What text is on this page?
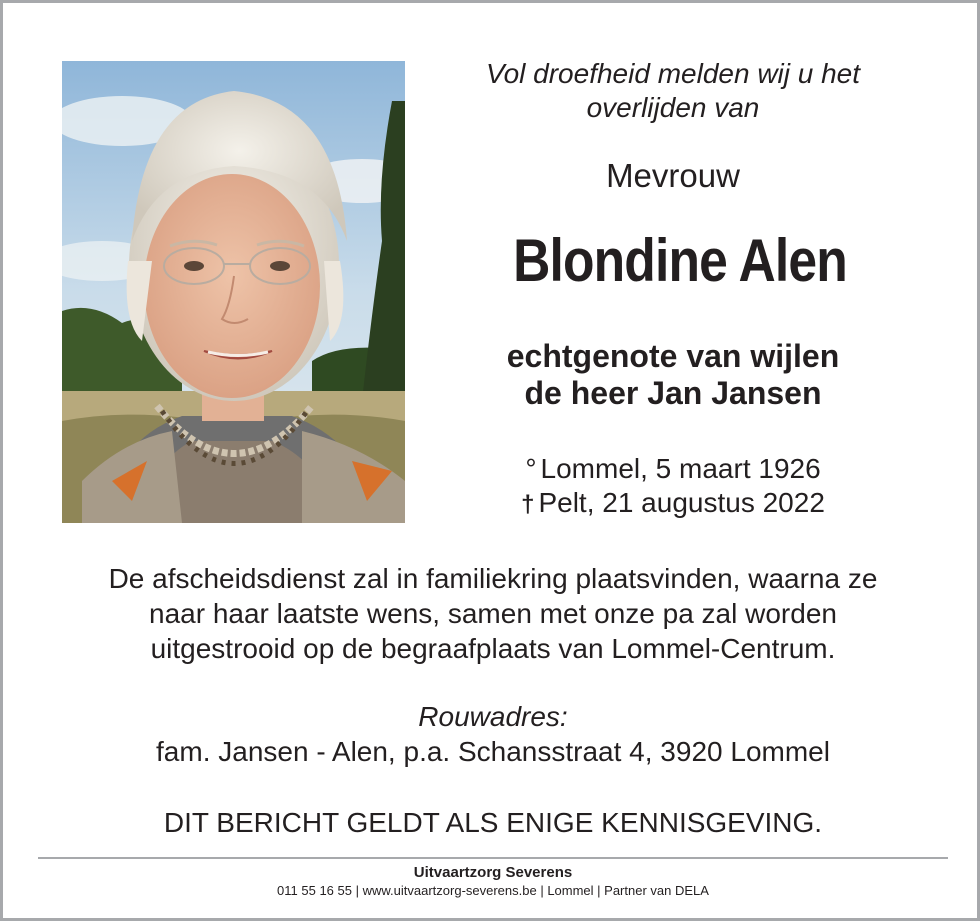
Vol droefheid melden wij u het
overlijden van
Mevrouw
Blondine Alen
echtgenote van wijlen
de heer Jan Jansen
° Lommel, 5 maart 1926
† Pelt, 21 augustus 2022
De afscheidsdienst zal in familiekring plaatsvinden, waarna ze
naar haar laatste wens, samen met onze pa zal worden
uitgestrooid op de begraafplaats van Lommel-Centrum.
Rouwadres:
fam. Jansen - Alen, p.a. Schansstraat 4, 3920 Lommel
DIT BERICHT GELDT ALS ENIGE KENNISGEVING.
Uitvaartzorg Severens
011 55 16 55 | www.uitvaartzorg-severens.be | Lommel | Partner van DELA
